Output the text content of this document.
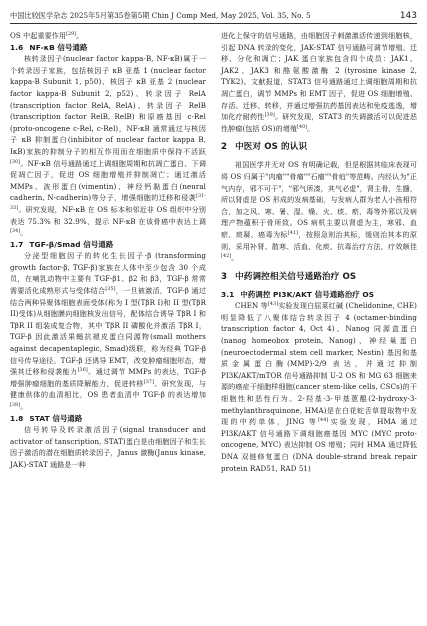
中国比较医学杂志 2025年5月第35卷第5期 Chin J Comp Med, May 2025, Vol. 35, No. 5	143

OS 中起重要作用[29]。

1.6 NF-κB 信号通路

核转录因子(nuclear factor kappa-B, NF-κB)属于一个转录因子家族，包括核因子 κB 亚基 1 (nuclear factor kappa-B Subunit 1, p50)、核因子 κB 亚基 2 (nuclear factor kappa-B Subunit 2, p52)、转录因子 RelA (transcription factor RelA, RelA)、转录因子 RelB (transcription factor RelB, RelB) 和原癌基因 c-Rel (proto-oncogene c-Rel, c-Rel)，NF-κB 通常通过与核因子 κB 抑制蛋白(inhibitor of nuclear factor kappa B, IκB)家族的抑制分子的相互作用而在细胞质中保持不活跃[30]。NF-κB 信号通路通过上调细胞周期和抗凋亡蛋白、下调促凋亡因子，促进 OS 细胞增殖并抑制凋亡；通过激活 MMPs、波形蛋白(vimentin)、神经钙黏蛋白(neural cadherin, N-cadherin)等分子，增强细胞的迁移和侵袭[31-33]。研究发现，NF-κB 在 OS 标本和邻近非 OS 组织中分别表达 75.3% 和 32.9%，提示 NF-κB 在该骨癌中表达上调[34]。

1.7 TGF-β/Smad 信号通路

分泌型细胞因子的转化生长因子-β (transforming growth factor-β, TGF-β)家族在人体中至少包含 30 个成员，在哺乳动物中主要有 TGF-β1、β2 和 β3，TGF-β 常常需要活化成熟形式与受体结合[35]，一旦被激活，TGF-β 通过结合两种异聚体细胞表面受体(称为 I 型(TβR I)和 II 型(TβR II)受体)从细胞膜向细胞核发出信号，配体结合诱导 TβR I 和 TβR II 组装成复合物，其中 TβR II 磷酸化并激活 TβR I，TGF-β 因此激活果蝇抗褪皮蛋白同源物(small mothers against decapentaplegic, Smad)级联，称为经典 TGF-β 信号传导途径。TGF-β 还诱导 EMT，改变肿瘤细胞形态，增强其迁移和侵袭能力[36]。通过调节 MMPs 的表达，TGF-β 增强肿瘤细胞的基质降解能力，促进转移[37]。研究发现，与健康供体的血清相比，OS 患者血清中 TGF-β 的表达增加[38]。

1.8 STAT 信号通路

信号转导及转录激活因子(signal transducer and activator of tanscription, STAT)蛋白是由细胞因子和生长因子激活的潜在细胞质转录因子，Janus 激酶(Janus kinase, JAK)-STAT 通路是一种

进化上保守的信号通路，由细胞因子刺激激活传递到细胞核，引起 DNA 转录的变化，JAK-STAT 信号通路可调节增殖、迁移、分化和凋亡；JAK 蛋白家族包含四个成员：JAK1、JAK2、JAK3 和酪氨酸激酶 2 (tyrosine kinase 2, TYK2)。文献报道，STAT3 信号通路通过上调细胞周期和抗凋亡蛋白，调节 MMPs 和 EMT 因子，促进 OS 细胞增殖、存活、迁移、转移，并通过增强抗药基因表达和免疫逃逸，增加化疗耐药性[39]。研究发现，STAT3 的失调激活可以促进恶性肿瘤(包括 OS)的增殖[40]。

2 中医对 OS 的认识

祖国医学并无对 OS 有明确记载，但是根据其临床表现可将 OS 归属于"肉瘤""骨瘤""石瘤""骨疽"等范畴。内经认为"正气内存，邪不可干"，"邪气所凑，其气必虚"，肾主骨，生髓，所以肾虚是 OS 形成的发病基础，与发病人群为老人小孩相符合，加之风、寒、暑、湿、燥、火、痰、瘀、毒等外邪以及病理产物蕴积于骨所致。OS 病机主要以肾虚为主，寒邪、血瘀、痰凝、癌毒为标[41]，按照急则治其标，缓则治其本的原则，采用补肾、散寒、活血、化痰、抗毒治疗方法，疗效颇佳[42]。

3 中药调控相关信号通路治疗 OS
3.1 中药调控 PI3K/AKT 信号通路治疗 OS

CHEN 等[43]实验发现白屈菜红碱 (Chelidonine, CHE) 明显降低了八聚体结合转录因子 4 (octamer-binding transcription factor 4, Oct 4)、Nanog 同源盒蛋白 (nanog homeobox protein, Nanog)、神经巢蛋白 (neuroectodermal stem cell marker, Nestin) 基因和基质金属蛋白酶(MMP)-2/9 表达，并通过抑制 PI3K/AKT/mTOR 信号通路抑制 U-2 OS 和 MG 63 细胞来源的癌症干细胞样细胞(cancer stem-like cells, CSCs)的干细胞性和恶性行为。2-羟基-3-甲基蒽醌(2-hydroxy-3-methylanthraquinone, HMA)是在白花蛇舌草提取物中发现的中药单体，JING 等[44]实验发现，HMA 通过 PI3K/AKT 信号通路下调细胞癌基因 MYC (MYC proto-oncogene, MYC) 表达抑制 OS 增殖；同时 HMA 通过降低 DNA 双链修复蛋白 (DNA double-strand break repair protein RAD51, RAD 51)
